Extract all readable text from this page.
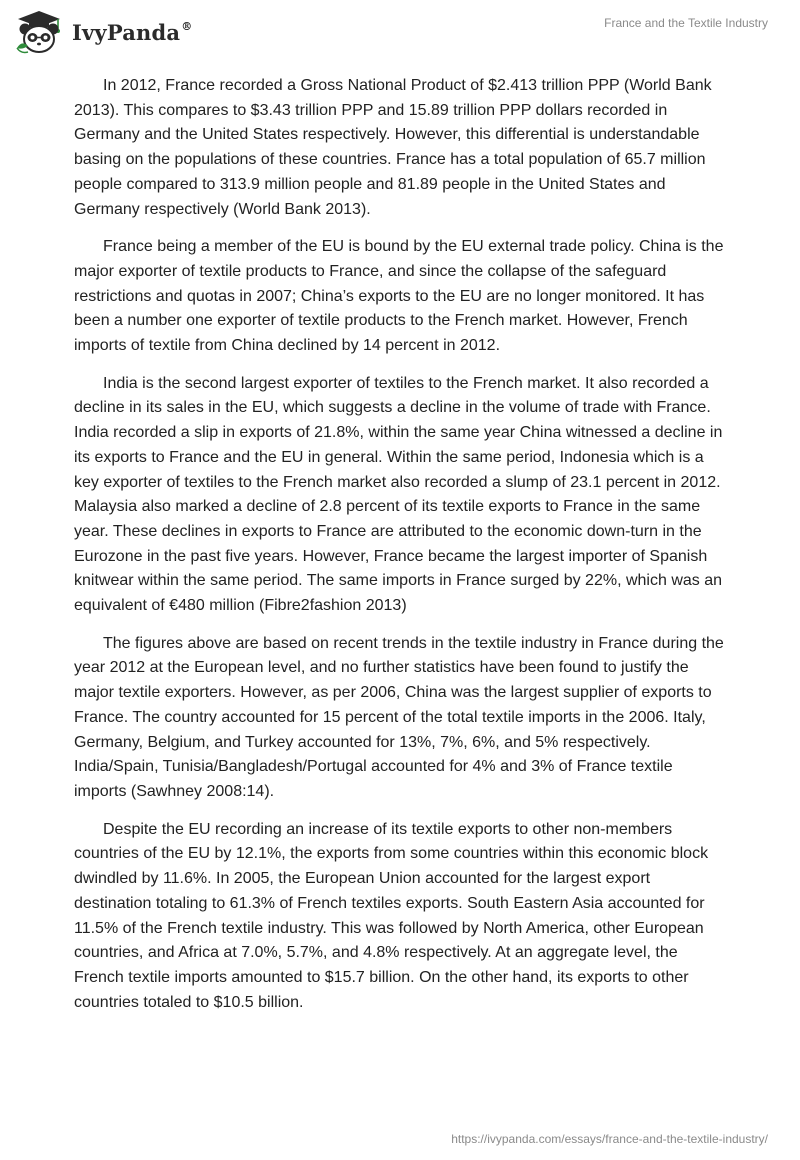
IvyPanda®	France and the Textile Industry

In 2012, France recorded a Gross National Product of $2.413 trillion PPP (World Bank 2013). This compares to $3.43 trillion PPP and 15.89 trillion PPP dollars recorded in Germany and the United States respectively. However, this differential is understandable basing on the populations of these countries. France has a total population of 65.7 million people compared to 313.9 million people and 81.89 people in the United States and Germany respectively (World Bank 2013).

France being a member of the EU is bound by the EU external trade policy. China is the major exporter of textile products to France, and since the collapse of the safeguard restrictions and quotas in 2007; China’s exports to the EU are no longer monitored. It has been a number one exporter of textile products to the French market. However, French imports of textile from China declined by 14 percent in 2012.

India is the second largest exporter of textiles to the French market. It also recorded a decline in its sales in the EU, which suggests a decline in the volume of trade with France. India recorded a slip in exports of 21.8%, within the same year China witnessed a decline in its exports to France and the EU in general. Within the same period, Indonesia which is a key exporter of textiles to the French market also recorded a slump of 23.1 percent in 2012. Malaysia also marked a decline of 2.8 percent of its textile exports to France in the same year. These declines in exports to France are attributed to the economic down-turn in the Eurozone in the past five years. However, France became the largest importer of Spanish knitwear within the same period. The same imports in France surged by 22%, which was an equivalent of €480 million (Fibre2fashion 2013)

The figures above are based on recent trends in the textile industry in France during the year 2012 at the European level, and no further statistics have been found to justify the major textile exporters. However, as per 2006, China was the largest supplier of exports to France. The country accounted for 15 percent of the total textile imports in the 2006. Italy, Germany, Belgium, and Turkey accounted for 13%, 7%, 6%, and 5% respectively. India/Spain, Tunisia/Bangladesh/Portugal accounted for 4% and 3% of France textile imports (Sawhney 2008:14).

Despite the EU recording an increase of its textile exports to other non-members countries of the EU by 12.1%, the exports from some countries within this economic block dwindled by 11.6%. In 2005, the European Union accounted for the largest export destination totaling to 61.3% of French textiles exports. South Eastern Asia accounted for 11.5% of the French textile industry. This was followed by North America, other European countries, and Africa at 7.0%, 5.7%, and 4.8% respectively. At an aggregate level, the French textile imports amounted to $15.7 billion. On the other hand, its exports to other countries totaled to $10.5 billion.

https://ivypanda.com/essays/france-and-the-textile-industry/
